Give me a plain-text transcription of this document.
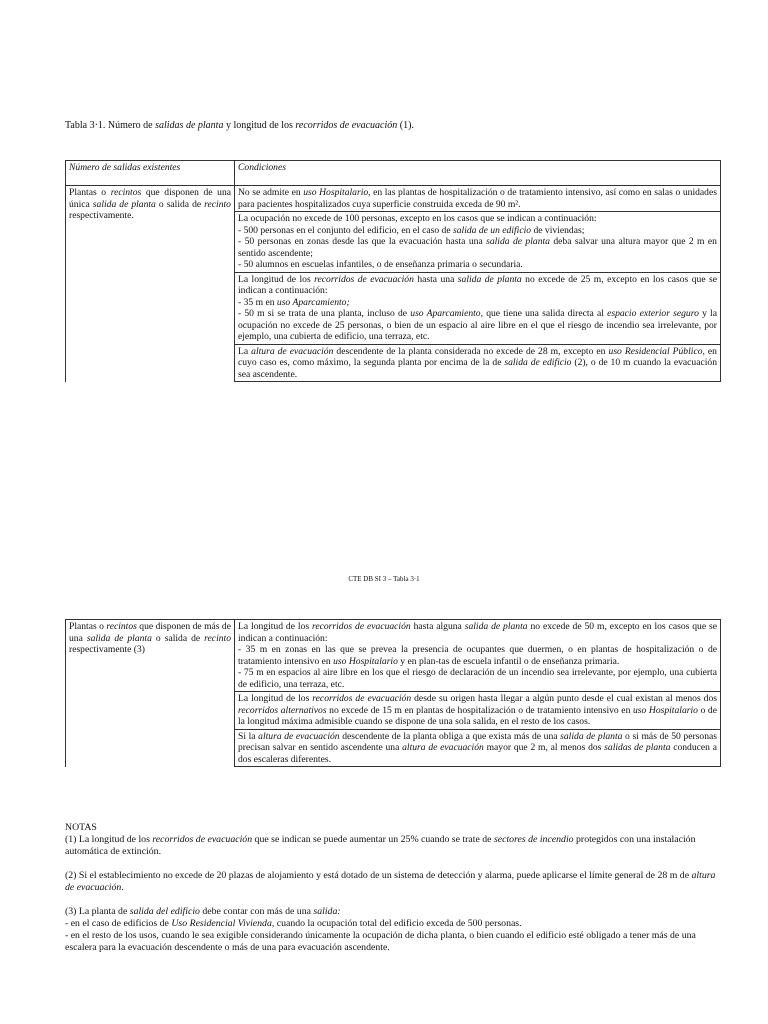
Tabla 3·1. Número de salidas de planta y longitud de los recorridos de evacuación (1).
Número de salidas existentes	Condiciones
Plantas o recintos que disponen de una única salida de planta o salida de recinto respectivamente.	No se admite en uso Hospitalario, en las plantas de hospitalización o de tratamiento intensivo, así como en salas o unidades para pacientes hospitalizados cuya superficie construida exceda de 90 m².
	La ocupación no excede de 100 personas, excepto en los casos que se indican a continuación:
- 500 personas en el conjunto del edificio, en el caso de salida de un edificio de viviendas;
- 50 personas en zonas desde las que la evacuación hasta una salida de planta deba salvar una altura mayor que 2 m en sentido ascendente;
- 50 alumnos en escuelas infantiles, o de enseñanza primaria o secundaria.
	La longitud de los recorridos de evacuación hasta una salida de planta no excede de 25 m, excepto en los casos que se indican a continuación:
- 35 m en uso Aparcamiento;
- 50 m si se trata de una planta, incluso de uso Aparcamiento, que tiene una salida directa al espacio exterior seguro y la ocupación no excede de 25 personas, o bien de un espacio al aire libre en el que el riesgo de incendio sea irrelevante, por ejemplo, una cubierta de edificio, una terraza, etc.
	La altura de evacuación descendente de la planta considerada no excede de 28 m, excepto en uso Residencial Público, en cuyo caso es, como máximo, la segunda planta por encima de la de salida de edificio (2), o de 10 m cuando la evacuación sea ascendente.
CTE DB SI 3 – Tabla 3·1
Plantas o recintos que disponen de más de una salida de planta o salida de recinto respectivamente (3)	La longitud de los recorridos de evacuación hasta alguna salida de planta no excede de 50 m, excepto en los casos que se indican a continuación:
- 35 m en zonas en las que se prevea la presencia de ocupantes que duermen, o en plantas de hospitalización o de tratamiento intensivo en uso Hospitalario y en plan-tas de escuela infantil o de enseñanza primaria.
- 75 m en espacios al aire libre en los que el riesgo de declaración de un incendio sea irrelevante, por ejemplo, una cubierta de edificio, una terraza, etc.
La longitud de los recorridos de evacuación desde su origen hasta llegar a algún punto desde el cual existan al menos dos recorridos alternativos no excede de 15 m en plantas de hospitalización o de tratamiento intensivo en uso Hospitalario o de la longitud máxima admisible cuando se dispone de una sola salida, en el resto de los casos.
Si la altura de evacuación descendente de la planta obliga a que exista más de una salida de planta o si más de 50 personas precisan salvar en sentido ascendente una altura de evacuación mayor que 2 m, al menos dos salidas de planta conducen a dos escaleras diferentes.

NOTAS

(1) La longitud de los recorridos de evacuación que se indican se puede aumentar un 25% cuando se trate de sectores de incendio protegidos con una instalación automática de extinción.

(2) Si el establecimiento no excede de 20 plazas de alojamiento y está dotado de un sistema de detección y alarma, puede aplicarse el límite general de 28 m de altura de evacuación.

(3) La planta de salida del edificio debe contar con más de una salida:
- en el caso de edificios de Uso Residencial Vivienda, cuando la ocupación total del edificio exceda de 500 personas.
- en el resto de los usos, cuando le sea exigible considerando únicamente la ocupación de dicha planta, o bien cuando el edificio esté obligado a tener más de una escalera para la evacuación descendente o más de una para evacuación ascendente.
